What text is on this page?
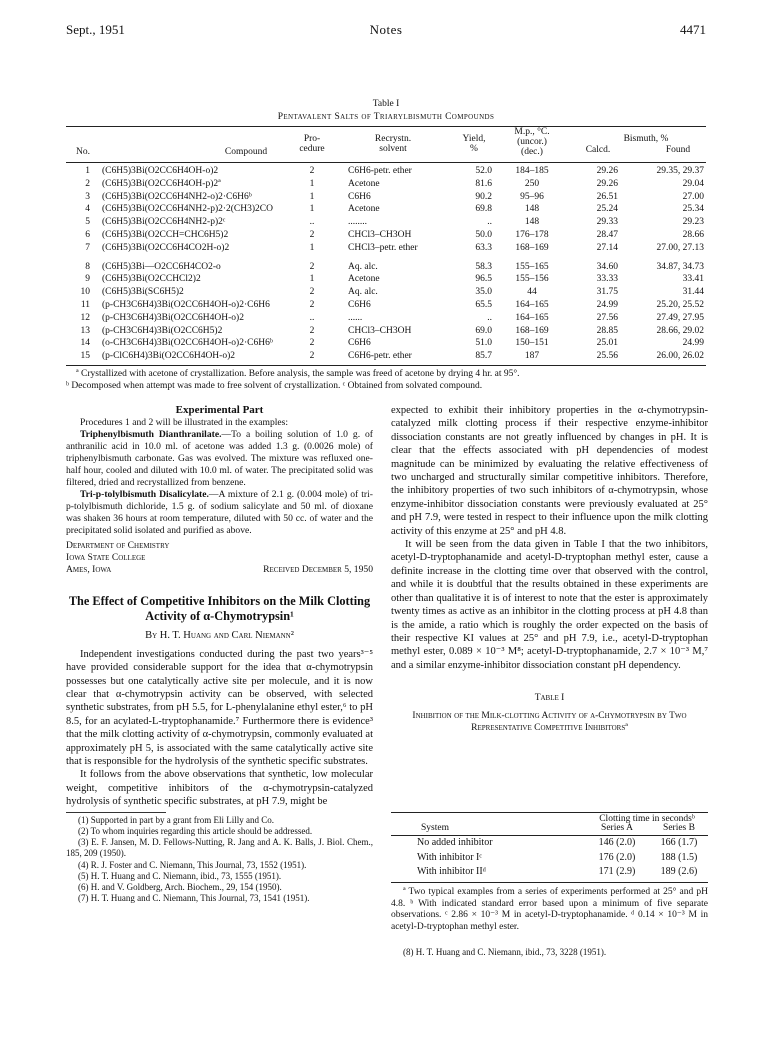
Sept., 1951	Notes	4471
Table I
Pentavalent Salts of Triarylbismuth Compounds
No.	Compound
Pro-
cedure
Recrystn.
solvent
Yield,
%
M.p., °C.
(uncor.)
(dec.)
Bismuth, %
Calcd.	Found
1 (C6H5)3Bi(O2CC6H4OH-o)2	2	C6H6-petr. ether	52.0	184–185	29.26	29.35, 29.37
2 (C6H5)3Bi(O2CC6H4OH-p)2ª	1	Acetone	81.6	250	29.26	29.04
3 (C6H5)3Bi(O2CC6H4NH2-o)2·C6H6ᵇ	1	C6H6	90.2	95–96	26.51	27.00
4 (C6H5)3Bi(O2CC6H4NH2-p)2·2(CH3)2CO	1	Acetone	69.8	148	25.24	25.34
5 (C6H5)3Bi(O2CC6H4NH2-p)2ᶜ	..	........	..	148	29.33	29.23
6 (C6H5)3Bi(O2CCH=CHC6H5)2	2	CHCl3–CH3OH	50.0	176–178	28.47	28.66
7 (C6H5)3Bi(O2CC6H4CO2H-o)2	1	CHCl3–petr. ether	63.3	168–169	27.14	27.00, 27.13
8 (C6H5)3Bi—O2CC6H4CO2-o	2	Aq. alc.	58.3	155–165	34.60	34.87, 34.73
9 (C6H5)3Bi(O2CCHCl2)2	1	Acetone	96.5	155–156	33.33	33.41
10 (C6H5)3Bi(SC6H5)2	2	Aq. alc.	35.0	44	31.75	31.44
11 (p-CH3C6H4)3Bi(O2CC6H4OH-o)2·C6H6	2	C6H6	65.5	164–165	24.99	25.20, 25.52
12 (p-CH3C6H4)3Bi(O2CC6H4OH-o)2	..	......	..	164–165	27.56	27.49, 27.95
13 (p-CH3C6H4)3Bi(O2CC6H5)2	2	CHCl3–CH3OH	69.0	168–169	28.85	28.66, 29.02
14 (o-CH3C6H4)3Bi(O2CC6H4OH-o)2·C6H6ᵇ	2	C6H6	51.0	150–151	25.01	24.99
15 (p-ClC6H4)3Bi(O2CC6H4OH-o)2	2	C6H6-petr. ether	85.7	187	25.56	26.00, 26.02
ª Crystallized with acetone of crystallization. Before analysis, the sample was freed of acetone by drying 4 hr. at 95°.
ᵇ Decomposed when attempt was made to free solvent of crystallization. ᶜ Obtained from solvated compound.

Experimental Part

Procedures 1 and 2 will be illustrated in the examples:

Triphenylbismuth Dianthranilate.—To a boiling solution of 1.0 g. of anthranilic acid in 10.0 ml. of acetone was added 1.3 g. (0.0026 mole) of triphenylbismuth carbonate. Gas was evolved. The mixture was refluxed one-half hour, cooled and diluted with 10.0 ml. of water. The precipitated solid was filtered, dried and recrystallized from benzene.

Tri-p-tolylbismuth Disalicylate.—A mixture of 2.1 g. (0.004 mole) of tri-p-tolylbismuth dichloride, 1.5 g. of sodium salicylate and 50 ml. of dioxane was shaken 36 hours at room temperature, diluted with 50 cc. of water and the precipitated solid isolated and purified as above.

Department of Chemistry

Iowa State College

Ames, Iowa	Received December 5, 1950

The Effect of Competitive Inhibitors on the Milk Clotting Activity of α-Chymotrypsin¹

By H. T. Huang and Carl Niemann²

Independent investigations conducted during the past two years³⁻⁵ have provided considerable support for the idea that α-chymotrypsin possesses but one catalytically active site per molecule, and it is now clear that α-chymotrypsin activity can be observed, with selected synthetic substrates, from pH 5.5, for L-phenylalanine ethyl ester,⁶ to pH 8.5, for an acylated-L-tryptophanamide.⁷ Furthermore there is evidence³ that the milk clotting activity of α-chymotrypsin, commonly evaluated at approximately pH 5, is associated with the same catalytically active site that is responsible for the hydrolysis of the synthetic specific substrates.

It follows from the above observations that synthetic, low molecular weight, competitive inhibitors of the α-chymotrypsin-catalyzed hydrolysis of synthetic specific substrates, at pH 7.9, might be

(1) Supported in part by a grant from Eli Lilly and Co.

(2) To whom inquiries regarding this article should be addressed.

(3) E. F. Jansen, M. D. Fellows-Nutting, R. Jang and A. K. Balls, J. Biol. Chem., 185, 209 (1950).

(4) R. J. Foster and C. Niemann, This Journal, 73, 1552 (1951).

(5) H. T. Huang and C. Niemann, ibid., 73, 1555 (1951).

(6) H. and V. Goldberg, Arch. Biochem., 29, 154 (1950).

(7) H. T. Huang and C. Niemann, This Journal, 73, 1541 (1951).

expected to exhibit their inhibitory properties in the α-chymotrypsin-catalyzed milk clotting process if their respective enzyme-inhibitor dissociation constants are not greatly influenced by changes in pH. It is clear that the effects associated with pH dependencies of modest magnitude can be minimized by evaluating the relative effectiveness of two uncharged and structurally similar competitive inhibitors. Therefore, the inhibitory properties of two such inhibitors of α-chymotrypsin, whose enzyme-inhibitor dissociation constants were previously evaluated at 25° and pH 7.9, were tested in respect to their influence upon the milk clotting activity of this enzyme at 25° and pH 4.8.

It will be seen from the data given in Table I that the two inhibitors, acetyl-D-tryptophanamide and acetyl-D-tryptophan methyl ester, cause a definite increase in the clotting time over that observed with the control, and while it is doubtful that the results obtained in these experiments are other than qualitative it is of interest to note that the ester is approximately twenty times as active as an inhibitor in the clotting process at pH 4.8 than is the amide, a ratio which is roughly the order expected on the basis of their respective KI values at 25° and pH 7.9, i.e., acetyl-D-tryptophan methyl ester, 0.089 × 10⁻³ M⁸; acetyl-D-tryptophanamide, 2.7 × 10⁻³ M,⁷ and a similar enzyme-inhibitor dissociation constant pH dependency.

Table I

Inhibition of the Milk-clotting Activity of α-Chymotrypsin by Two Representative Competitive Inhibitorsª

Clotting time in secondsᵇ
System	Series A	Series B
No added inhibitor	146 (2.0)	166 (1.7)
With inhibitor Iᶜ	176 (2.0)	188 (1.5)
With inhibitor IIᵈ	171 (2.9)	189 (2.6)

ª Two typical examples from a series of experiments performed at 25° and pH 4.8. ᵇ With indicated standard error based upon a minimum of five separate observations. ᶜ 2.86 × 10⁻³ M in acetyl-D-tryptophanamide. ᵈ 0.14 × 10⁻³ M in acetyl-D-tryptophan methyl ester.

(8) H. T. Huang and C. Niemann, ibid., 73, 3228 (1951).
